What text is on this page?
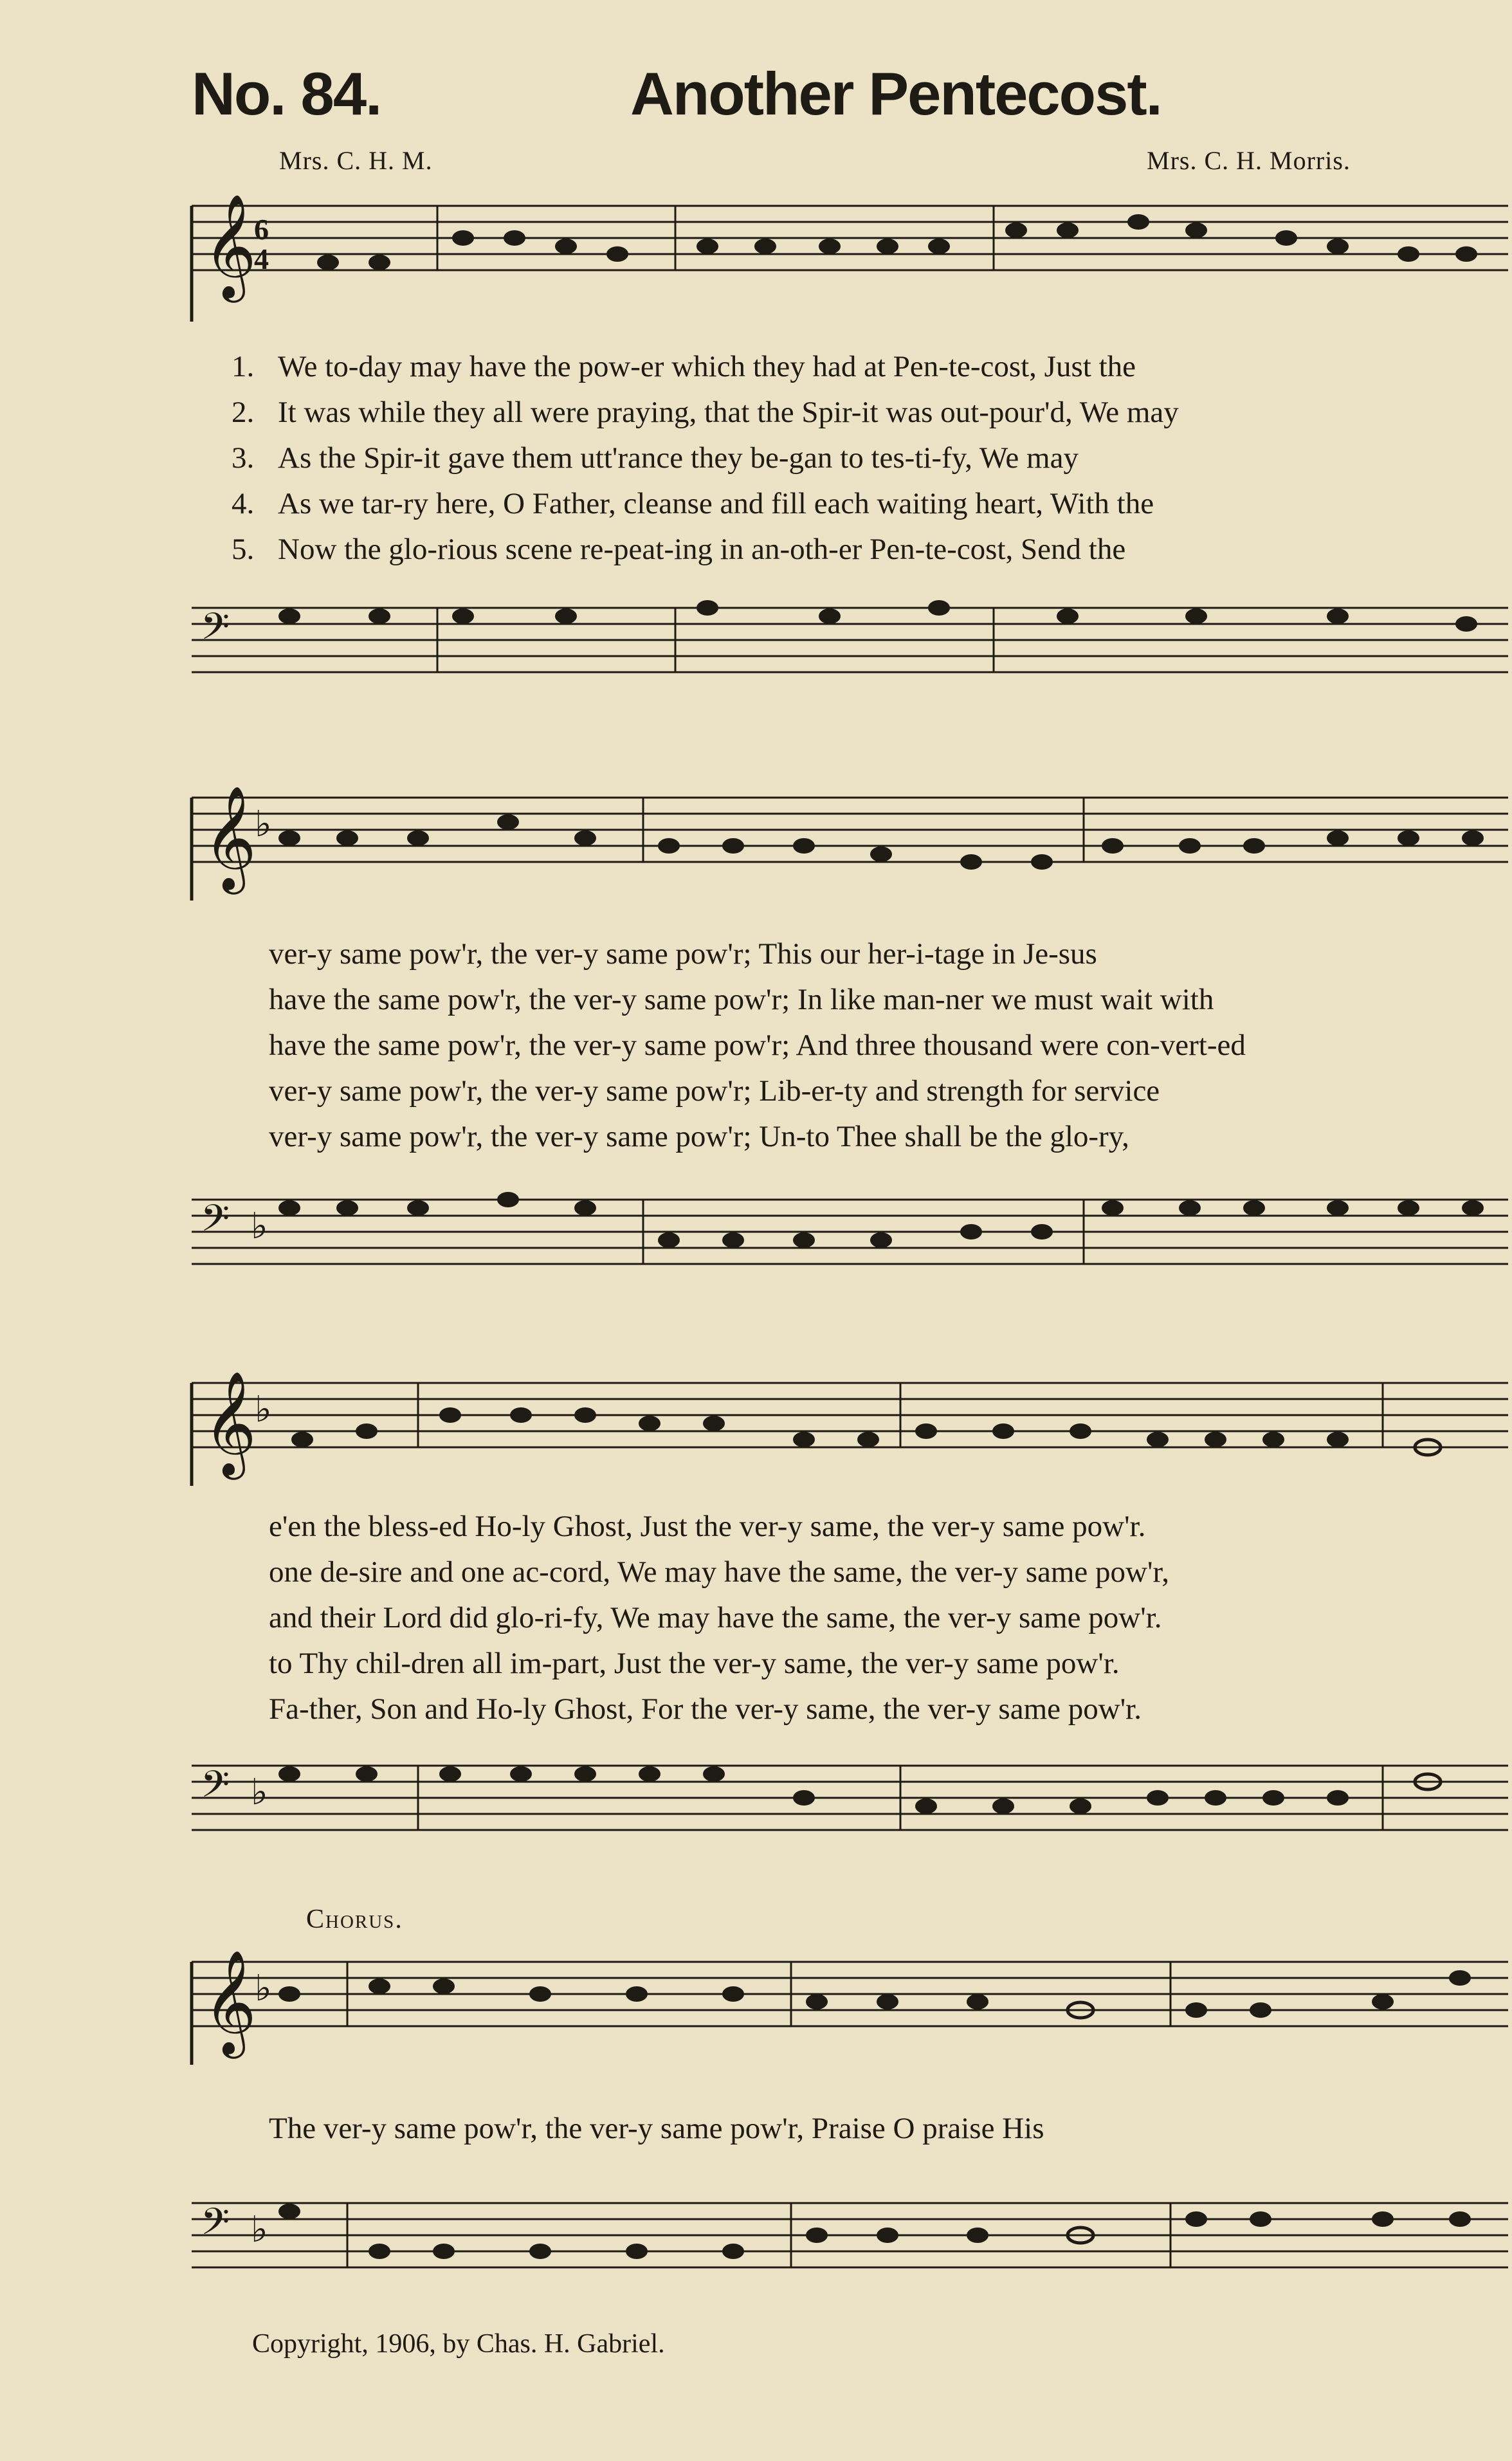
No. 84.	Another Pentecost.
Mrs. C. H. M.	Mrs. C. H. Morris.
𝄞
6
4
1. We to-day may have the pow-er which they had at Pen-te-cost, Just the
2. It was while they all were praying, that the Spir-it was out-pour'd, We may
3. As the Spir-it gave them utt'rance they be-gan to tes-ti-fy, We may
4. As we tar-ry here, O Father, cleanse and fill each waiting heart, With the
5. Now the glo-rious scene re-peat-ing in an-oth-er Pen-te-cost, Send the
𝄢
𝄞
♭
ver-y same pow'r, the ver-y same pow'r; This our her-i-tage in Je-sus
have the same pow'r, the ver-y same pow'r; In like man-ner we must wait with
have the same pow'r, the ver-y same pow'r; And three thousand were con-vert-ed
ver-y same pow'r, the ver-y same pow'r; Lib-er-ty and strength for service
ver-y same pow'r, the ver-y same pow'r; Un-to Thee shall be the glo-ry,
𝄢 ♭
𝄞
♭
e'en the bless-ed Ho-ly Ghost, Just the ver-y same, the ver-y same pow'r.
one de-sire and one ac-cord, We may have the same, the ver-y same pow'r,
and their Lord did glo-ri-fy, We may have the same, the ver-y same pow'r.
to Thy chil-dren all im-part, Just the ver-y same, the ver-y same pow'r.
Fa-ther, Son and Ho-ly Ghost, For the ver-y same, the ver-y same pow'r.
𝄢 ♭
Chorus.
𝄞
♭
The ver-y same pow'r, the ver-y same pow'r, Praise O praise His
𝄢 ♭
Copyright, 1906, by Chas. H. Gabriel.
